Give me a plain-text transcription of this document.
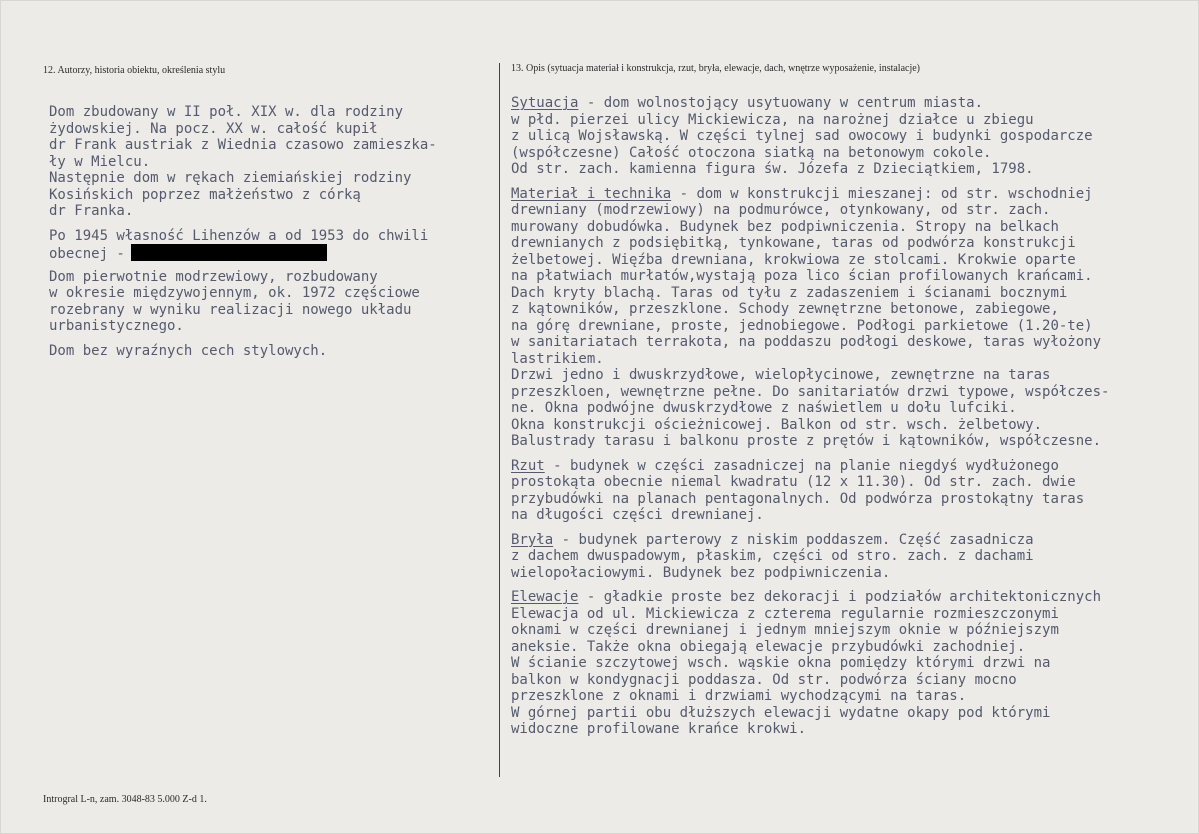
12. Autorzy, historia obiektu, określenia stylu	13. Opis (sytuacja materiał i konstrukcja, rzut, bryła, elewacje, dach, wnętrze wyposażenie, instalacje)
Dom zbudowany w II poł. XIX w. dla rodziny
żydowskiej. Na pocz. XX w. całość kupił
dr Frank austriak z Wiednia czasowo zamieszka-
ły w Mielcu.
Następnie dom w rękach ziemiańskiej rodziny
Kosińskich poprzez małżeństwo z córką
dr Franka.
Po 1945 własność Lihenzów a od 1953 do chwili
obecnej -
Dom pierwotnie modrzewiowy, rozbudowany
w okresie międzywojennym, ok. 1972 częściowe
rozebrany w wyniku realizacji nowego układu
urbanistycznego.
Dom bez wyraźnych cech stylowych.
Sytuacja - dom wolnostojący usytuowany w centrum miasta.
w płd. pierzei ulicy Mickiewicza, na narożnej działce u zbiegu
z ulicą Wojsławską. W części tylnej sad owocowy i budynki gospodarcze
(współczesne) Całość otoczona siatką na betonowym cokole.
Od str. zach. kamienna figura św. Józefa z Dzieciątkiem, 1798.
Materiał i technika - dom w konstrukcji mieszanej: od str. wschodniej
drewniany (modrzewiowy) na podmurówce, otynkowany, od str. zach.
murowany dobudówka. Budynek bez podpiwniczenia. Stropy na belkach
drewnianych z podsiębitką, tynkowane, taras od podwórza konstrukcji
żelbetowej. Więźba drewniana, krokwiowa ze stolcami. Krokwie oparte
na płatwiach murłatów,wystają poza lico ścian profilowanych krańcami.
Dach kryty blachą. Taras od tyłu z zadaszeniem i ścianami bocznymi
z kątowników, przeszklone. Schody zewnętrzne betonowe, zabiegowe,
na górę drewniane, proste, jednobiegowe. Podłogi parkietowe (1.20-te)
w sanitariatach terrakota, na poddaszu podłogi deskowe, taras wyłożony
lastrikiem.
Drzwi jedno i dwuskrzydłowe, wielopłycinowe, zewnętrzne na taras
przeszkloen, wewnętrzne pełne. Do sanitariatów drzwi typowe, współczes-
ne. Okna podwójne dwuskrzydłowe z naświetlem u dołu lufciki.
Okna konstrukcji ościeżnicowej. Balkon od str. wsch. żelbetowy.
Balustrady tarasu i balkonu proste z prętów i kątowników, współczesne.
Rzut - budynek w części zasadniczej na planie niegdyś wydłużonego
prostokąta obecnie niemal kwadratu (12 x 11.30). Od str. zach. dwie
przybudówki na planach pentagonalnych. Od podwórza prostokątny taras
na długości części drewnianej.
Bryła - budynek parterowy z niskim poddaszem. Część zasadnicza
z dachem dwuspadowym, płaskim, części od stro. zach. z dachami
wielopołaciowymi. Budynek bez podpiwniczenia.
Elewacje - gładkie proste bez dekoracji i podziałów architektonicznych
Elewacja od ul. Mickiewicza z czterema regularnie rozmieszczonymi
oknami w części drewnianej i jednym mniejszym oknie w późniejszym
aneksie. Także okna obiegają elewacje przybudówki zachodniej.
W ścianie szczytowej wsch. wąskie okna pomiędzy którymi drzwi na
balkon w kondygnacji poddasza. Od str. podwórza ściany mocno
przeszklone z oknami i drzwiami wychodzącymi na taras.
W górnej partii obu dłuższych elewacji wydatne okapy pod którymi
widoczne profilowane krańce krokwi.
Introgral L-n, zam. 3048-83 5.000 Z-d 1.
